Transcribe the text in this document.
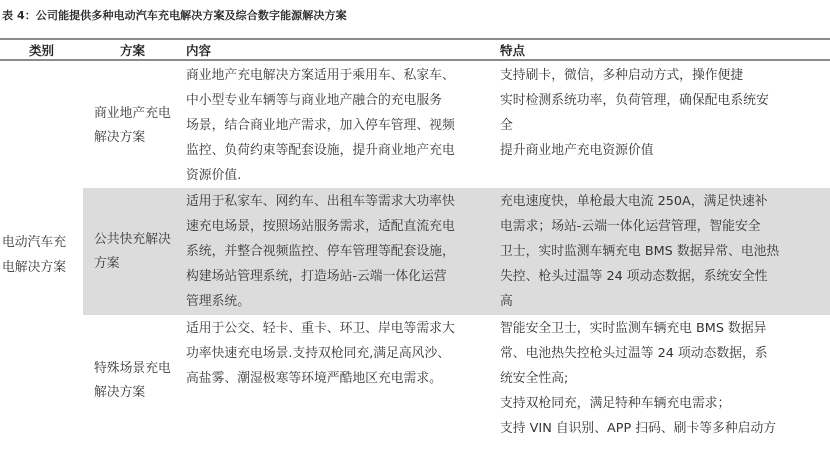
表 4：公司能提供多种电动汽车充电解决方案及综合数字能源解决方案
类别	方案	内容	特点

电动汽车充电解决方案	商业地产充电解决方案	商业地产充电解决方案适用于乘用车、私家车、
中小型专业车辆等与商业地产融合的充电服务
场景，结合商业地产需求，加入停车管理、视频
监控、负荷约束等配套设施，提升商业地产充电
资源价值.	支持刷卡，微信，多种启动方式，操作便捷
实时检测系统功率，负荷管理，确保配电系统安
全
提升商业地产充电资源价值

	公共快充解决方案	适用于私家车、网约车、出租车等需求大功率快
速充电场景，按照场站服务需求，适配直流充电
系统，并整合视频监控、停车管理等配套设施，
构建场站管理系统，打造场站-云端一体化运营
管理系统。	充电速度快，单枪最大电流 250A，满足快速补
电需求；场站-云端一体化运营管理，智能安全
卫士，实时监测车辆充电 BMS 数据异常、电池热
失控、枪头过温等 24 项动态数据，系统安全性
高

	特殊场景充电解决方案	适用于公交、轻卡、重卡、环卫、岸电等需求大
功率快速充电场景.支持双枪同充,满足高风沙、
高盐雾、潮湿极寒等环境严酷地区充电需求。	智能安全卫士，实时监测车辆充电 BMS 数据异
常、电池热失控枪头过温等 24 项动态数据，系
统安全性高;
支持双枪同充，满足特种车辆充电需求；
支持 VIN 自识别、APP 扫码、刷卡等多种启动方
